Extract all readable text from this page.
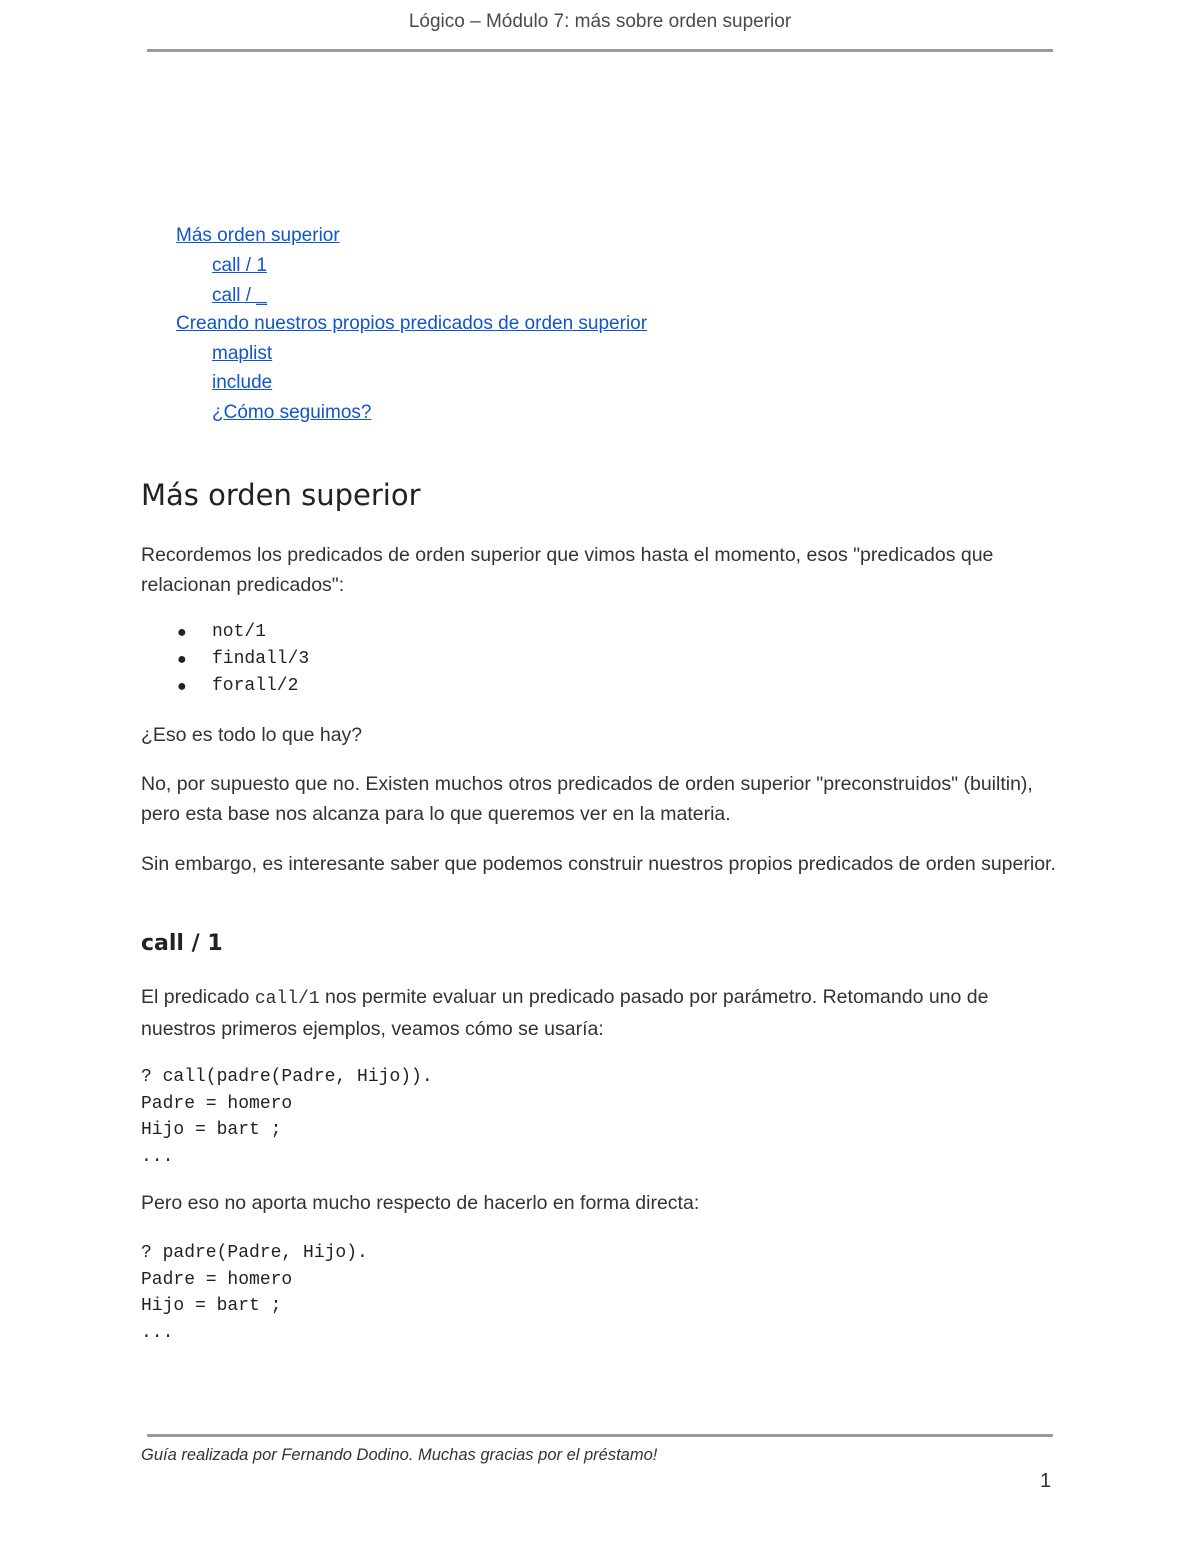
Lógico – Módulo 7: más sobre orden superior
Más orden superior
call / 1
call / _
Creando nuestros propios predicados de orden superior
maplist
include
¿Cómo seguimos?
Más orden superior
Recordemos los predicados de orden superior que vimos hasta el momento, esos "predicados que relacionan predicados":
● not/1
● findall/3
● forall/2
¿Eso es todo lo que hay?
No, por supuesto que no. Existen muchos otros predicados de orden superior "preconstruidos" (builtin), pero esta base nos alcanza para lo que queremos ver en la materia.
Sin embargo, es interesante saber que podemos construir nuestros propios predicados de orden superior.
call / 1
El predicado call/1 nos permite evaluar un predicado pasado por parámetro. Retomando uno de nuestros primeros ejemplos, veamos cómo se usaría:
? call(padre(Padre, Hijo)).
Padre = homero
Hijo = bart ;
...
Pero eso no aporta mucho respecto de hacerlo en forma directa:
? padre(Padre, Hijo).
Padre = homero
Hijo = bart ;
...
Guía realizada por Fernando Dodino. Muchas gracias por el préstamo!
1
